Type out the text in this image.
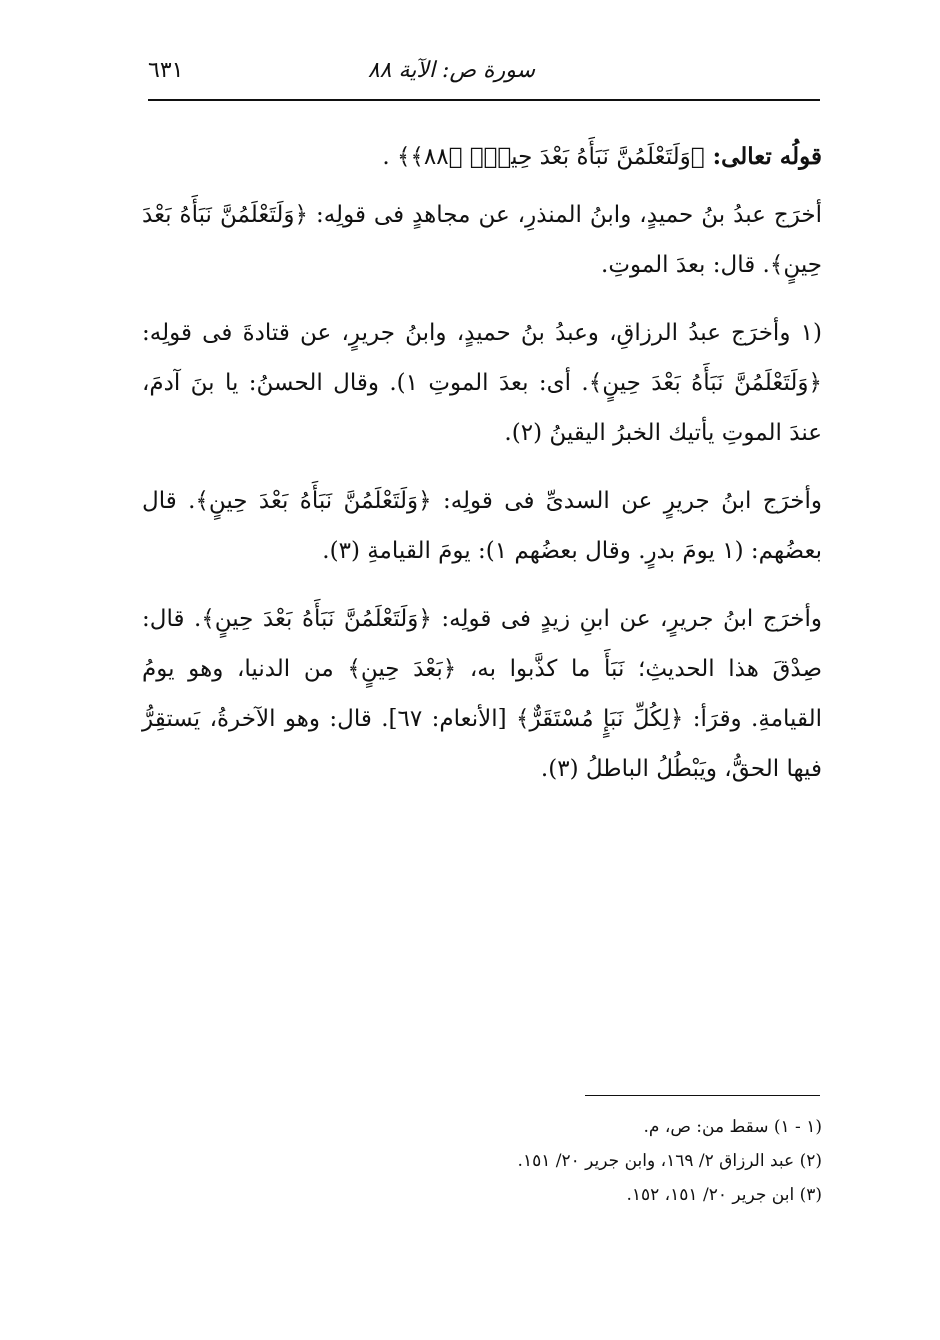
سورة ص: الآية ٨٨
٦٣١

قولُه تعالى: ﴿وَلَتَعْلَمُنَّ نَبَأَهُ بَعْدَ حِينٍۢ ﴿٨٨﴾﴾ .

أخرَج عبدُ بنُ حميدٍ، وابنُ المنذرِ، عن مجاهدٍ فى قولِه: ﴿وَلَتَعْلَمُنَّ نَبَأَهُ بَعْدَ حِينٍ﴾. قال: بعدَ الموتِ.

(١ وأخرَج عبدُ الرزاقِ، وعبدُ بنُ حميدٍ، وابنُ جريرٍ، عن قتادةَ فى قولِه: ﴿وَلَتَعْلَمُنَّ نَبَأَهُ بَعْدَ حِينٍ﴾. أى: بعدَ الموتِ ١). وقال الحسنُ: يا بنَ آدمَ، عندَ الموتِ يأتيك الخبرُ اليقينُ (٢).

وأخرَج ابنُ جريرٍ عن السدىِّ فى قولِه: ﴿وَلَتَعْلَمُنَّ نَبَأَهُ بَعْدَ حِينٍ﴾. قال بعضُهم: (١ يومَ بدرٍ. وقال بعضُهم ١): يومَ القيامةِ (٣).

وأخرَج ابنُ جريرٍ، عن ابنِ زيدٍ فى قولِه: ﴿وَلَتَعْلَمُنَّ نَبَأَهُ بَعْدَ حِينٍ﴾. قال: صِدْقَ هذا الحديثِ؛ نَبَأَ ما كذَّبوا به، ﴿بَعْدَ حِينٍ﴾ من الدنيا، وهو يومُ القيامةِ. وقرَأ: ﴿لِكُلِّ نَبَإٍ مُسْتَقَرٌّ﴾ [الأنعام: ٦٧]. قال: وهو الآخرةُ، يَستقِرُّ فيها الحقُّ، ويَبْطُلُ الباطلُ (٣).

(١ - ١) سقط من: ص، م.

(٢) عبد الرزاق ٢/ ١٦٩، وابن جرير ٢٠/ ١٥١.

(٣) ابن جرير ٢٠/ ١٥١، ١٥٢.
